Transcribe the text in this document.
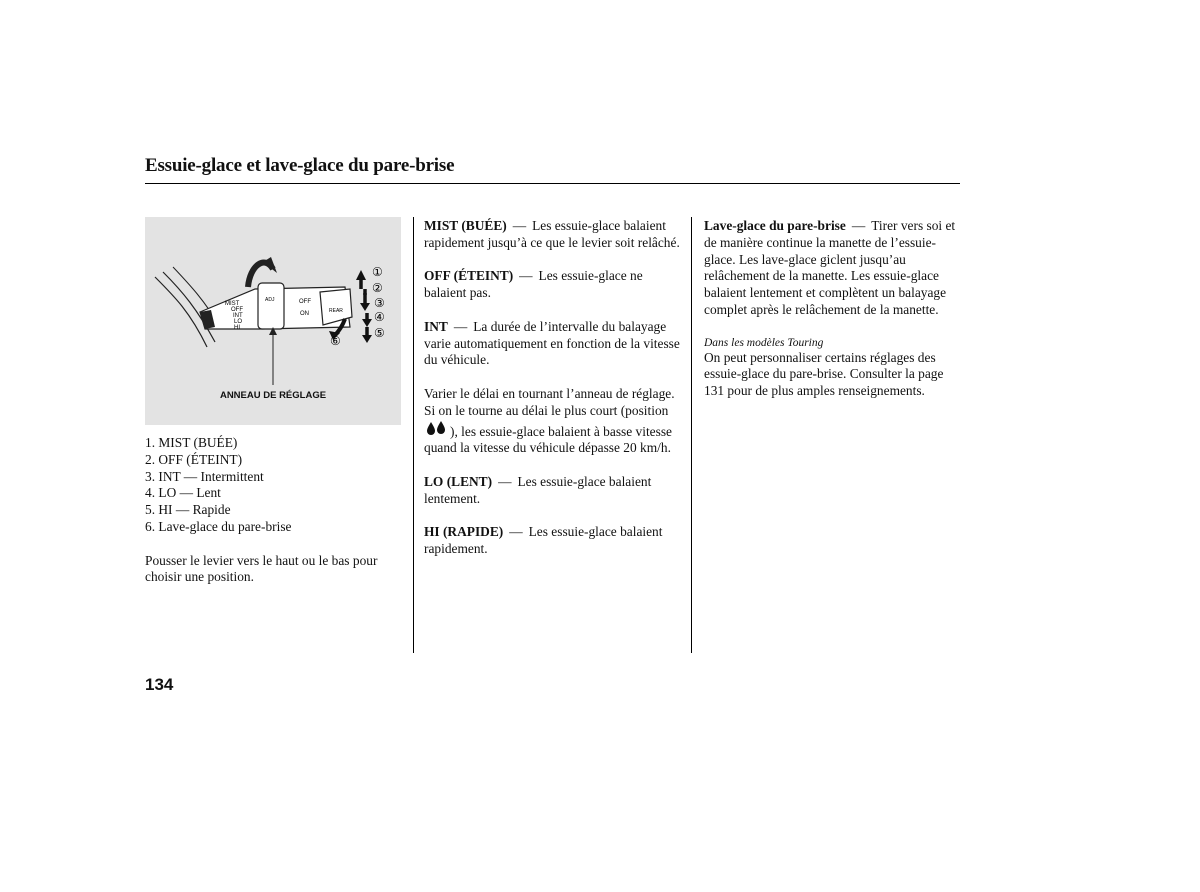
Essuie-glace et lave-glace du pare-brise
MIST
OFF
INT
LO
HI
ADJ	OFF
ON	REAR
①
②
③
④
⑤
⑥
ANNEAU DE RÉGLAGE
1. MIST (BUÉE)
2. OFF (ÉTEINT)
3. INT — Intermittent
4. LO — Lent
5. HI — Rapide
6. Lave-glace du pare-brise

Pousser le levier vers le haut ou le bas pour choisir une position.

MIST (BUÉE) — Les essuie-glace balaient rapidement jusqu’à ce que le levier soit relâché.

OFF (ÉTEINT) — Les essuie-glace ne balaient pas.

INT — La durée de l’intervalle du balayage varie automatiquement en fonction de la vitesse du véhicule.

Varier le délai en tournant l’anneau de réglage. Si on le tourne au délai le plus court (position ), les essuie-glace balaient à basse vitesse quand la vitesse du véhicule dépasse 20 km/h.

LO (LENT) — Les essuie-glace balaient lentement.

HI (RAPIDE) — Les essuie-glace balaient rapidement.

Lave-glace du pare-brise — Tirer vers soi et de manière continue la manette de l’essuie-glace. Les lave-glace giclent jusqu’au relâchement de la manette. Les essuie-glace balaient lentement et complètent un balayage complet après le relâchement de la manette.

Dans les modèles Touring

On peut personnaliser certains réglages des essuie-glace du pare-brise. Consulter la page 131 pour de plus amples renseignements.

134
